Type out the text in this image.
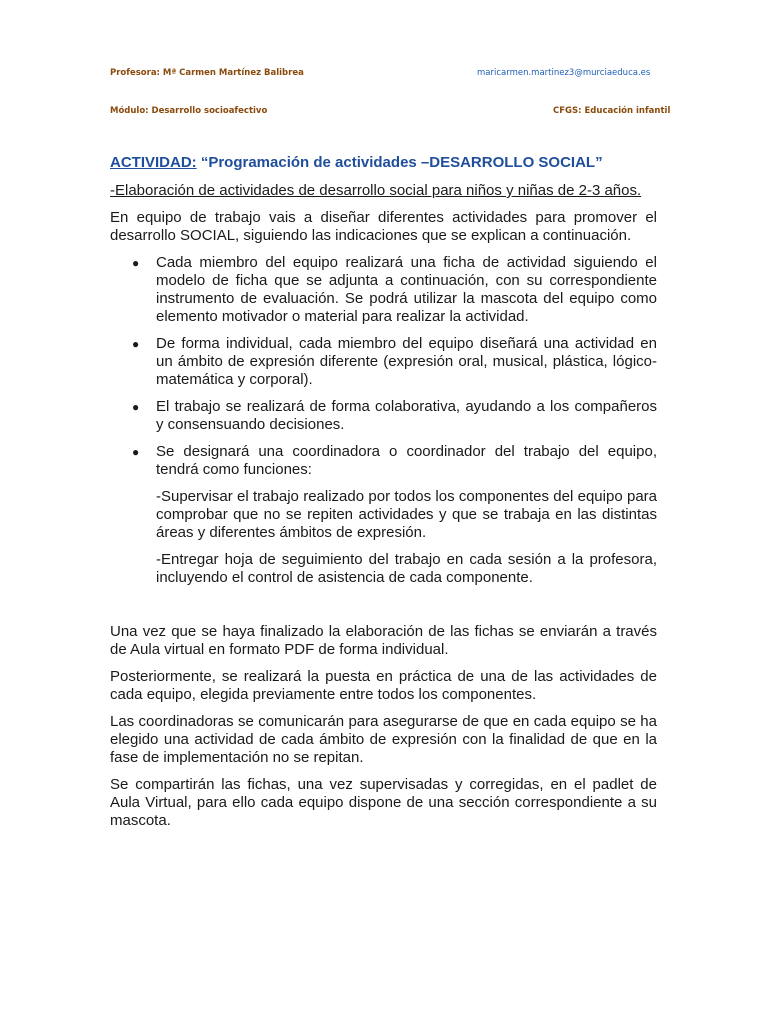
Profesora: Mª Carmen Martínez Balibrea	maricarmen.martinez3@murciaeduca.es
Módulo: Desarrollo socioafectivo	CFGS: Educación infantil
ACTIVIDAD: “Programación de actividades –DESARROLLO SOCIAL”
-Elaboración de actividades de desarrollo social para niños y niñas de 2-3 años.

En equipo de trabajo vais a diseñar diferentes actividades para promover el desarrollo SOCIAL, siguiendo las indicaciones que se explican a continuación.

● Cada miembro del equipo realizará una ficha de actividad siguiendo el modelo de ficha que se adjunta a continuación, con su correspondiente instrumento de evaluación. Se podrá utilizar la mascota del equipo como elemento motivador o material para realizar la actividad.
● De forma individual, cada miembro del equipo diseñará una actividad en un ámbito de expresión diferente (expresión oral, musical, plástica, lógico-matemática y corporal).
● El trabajo se realizará de forma colaborativa, ayudando a los compañeros y consensuando decisiones.
● Se designará una coordinadora o coordinador del trabajo del equipo, tendrá como funciones:

-Supervisar el trabajo realizado por todos los componentes del equipo para comprobar que no se repiten actividades y que se trabaja en las distintas áreas y diferentes ámbitos de expresión.

-Entregar hoja de seguimiento del trabajo en cada sesión a la profesora, incluyendo el control de asistencia de cada componente.

Una vez que se haya finalizado la elaboración de las fichas se enviarán a través de Aula virtual en formato PDF de forma individual.

Posteriormente, se realizará la puesta en práctica de una de las actividades de cada equipo, elegida previamente entre todos los componentes.

Las coordinadoras se comunicarán para asegurarse de que en cada equipo se ha elegido una actividad de cada ámbito de expresión con la finalidad de que en la fase de implementación no se repitan.

Se compartirán las fichas, una vez supervisadas y corregidas, en el padlet de Aula Virtual, para ello cada equipo dispone de una sección correspondiente a su mascota.
